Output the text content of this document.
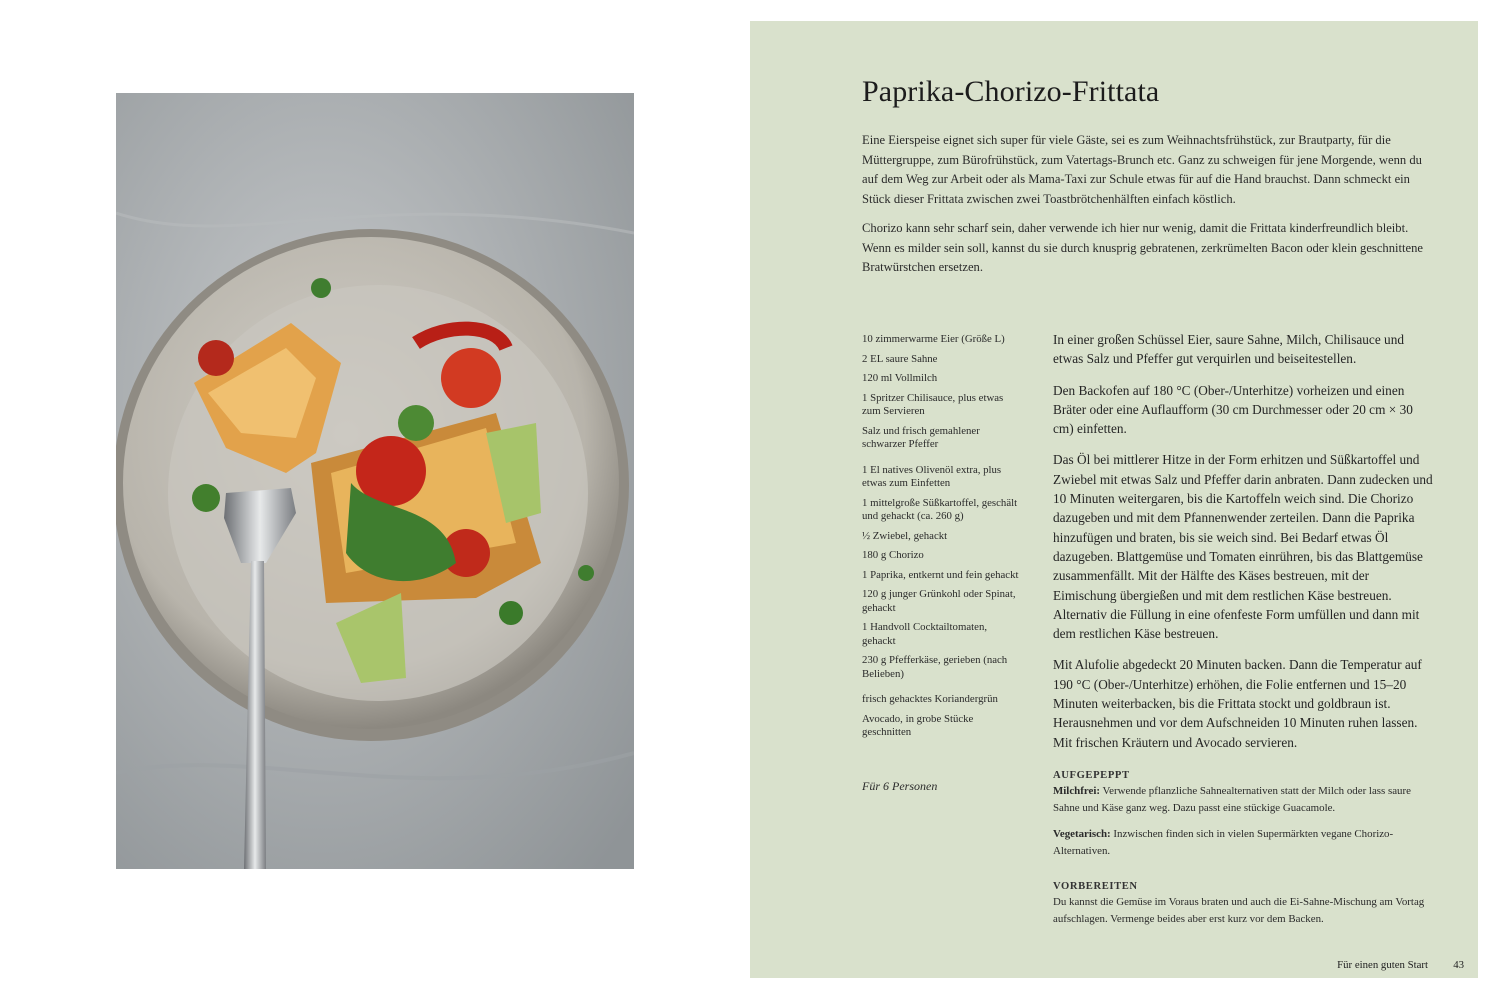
Paprika-Chorizo-Frittata

Eine Eierspeise eignet sich super für viele Gäste, sei es zum Weihnachtsfrühstück, zur Brautparty, für die Müttergruppe, zum Bürofrühstück, zum Vatertags-Brunch etc. Ganz zu schweigen für jene Morgende, wenn du auf dem Weg zur Arbeit oder als Mama-Taxi zur Schule etwas für auf die Hand brauchst. Dann schmeckt ein Stück dieser Frittata zwischen zwei Toastbrötchenhälften einfach köstlich.

Chorizo kann sehr scharf sein, daher verwende ich hier nur wenig, damit die Frittata kinderfreundlich bleibt. Wenn es milder sein soll, kannst du sie durch knusprig gebratenen, zerkrümelten Bacon oder klein geschnittene Bratwürstchen ersetzen.

10 zimmerwarme Eier (Größe L)
2 EL saure Sahne
120 ml Vollmilch
1 Spritzer Chilisauce, plus etwas zum Servieren
Salz und frisch gemahlener schwarzer Pfeffer
1 El natives Olivenöl extra, plus etwas zum Einfetten
1 mittelgroße Süßkartoffel, geschält und gehackt (ca. 260 g)
½ Zwiebel, gehackt
180 g Chorizo
1 Paprika, entkernt und fein gehackt
120 g junger Grünkohl oder Spinat, gehackt
1 Handvoll Cocktailtomaten, gehackt
230 g Pfefferkäse, gerieben (nach Belieben)
frisch gehacktes Koriandergrün
Avocado, in grobe Stücke geschnitten

Für 6 Personen

In einer großen Schüssel Eier, saure Sahne, Milch, Chilisauce und etwas Salz und Pfeffer gut verquirlen und beiseitestellen.

Den Backofen auf 180 °C (Ober-/Unterhitze) vorheizen und einen Bräter oder eine Auflaufform (30 cm Durchmesser oder 20 cm × 30 cm) einfetten.

Das Öl bei mittlerer Hitze in der Form erhitzen und Süßkartoffel und Zwiebel mit etwas Salz und Pfeffer darin anbraten. Dann zudecken und 10 Minuten weitergaren, bis die Kartoffeln weich sind. Die Chorizo dazugeben und mit dem Pfannenwender zerteilen. Dann die Paprika hinzufügen und braten, bis sie weich sind. Bei Bedarf etwas Öl dazugeben. Blattgemüse und Tomaten einrühren, bis das Blattgemüse zusammenfällt. Mit der Hälfte des Käses bestreuen, mit der Eimischung übergießen und mit dem restlichen Käse bestreuen. Alternativ die Füllung in eine ofenfeste Form umfüllen und dann mit dem restlichen Käse bestreuen.

Mit Alufolie abgedeckt 20 Minuten backen. Dann die Temperatur auf 190 °C (Ober-/Unterhitze) erhöhen, die Folie entfernen und 15–20 Minuten weiterbacken, bis die Frittata stockt und goldbraun ist. Herausnehmen und vor dem Aufschneiden 10 Minuten ruhen lassen. Mit frischen Kräutern und Avocado servieren.

AUFGEPEPPT

Milchfrei: Verwende pflanzliche Sahnealternativen statt der Milch oder lass saure Sahne und Käse ganz weg. Dazu passt eine stückige Guacamole.

Vegetarisch: Inzwischen finden sich in vielen Supermärkten vegane Chorizo-Alternativen.

VORBEREITEN

Du kannst die Gemüse im Voraus braten und auch die Ei-Sahne-Mischung am Vortag aufschlagen. Vermenge beides aber erst kurz vor dem Backen.

Für einen guten Start 43
